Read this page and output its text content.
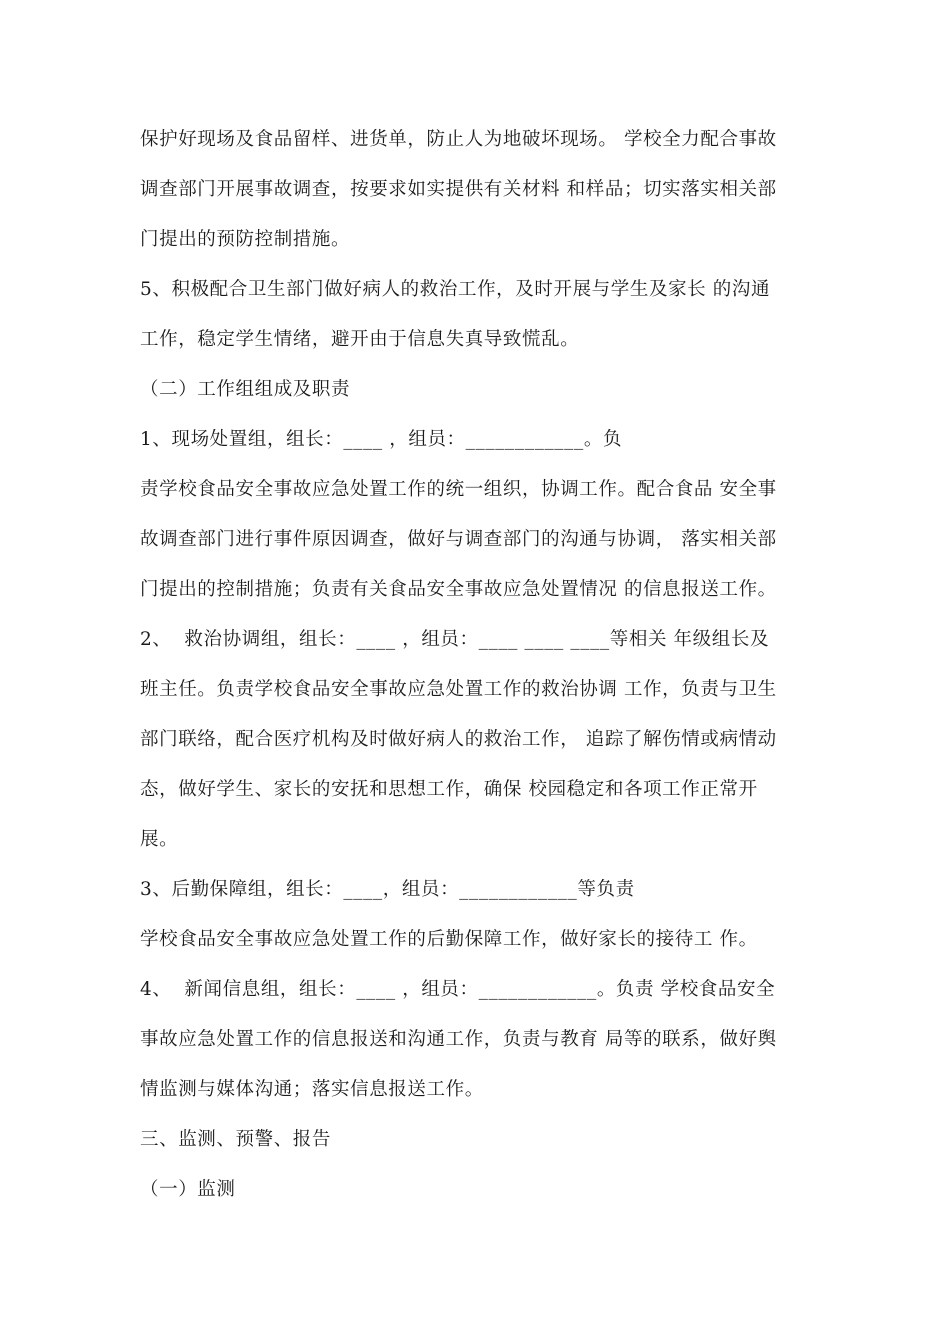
保护好现场及食品留样、进货单，防止人为地破坏现场。 学校全力配合事故
调查部门开展事故调查，按要求如实提供有关材料 和样品；切实落实相关部
门提出的预防控制措施。
5、积极配合卫生部门做好病人的救治工作，及时开展与学生及家长 的沟通
工作，稳定学生情绪，避开由于信息失真导致慌乱。
（二）工作组组成及职责
1、现场处置组，组长：____ ，组员：____________。负
责学校食品安全事故应急处置工作的统一组织，协调工作。配合食品 安全事
故调查部门进行事件原因调查，做好与调查部门的沟通与协调， 落实相关部
门提出的控制措施；负责有关食品安全事故应急处置情况 的信息报送工作。
2、  救治协调组，组长：____ ，组员：____ ____ ____等相关 年级组长及
班主任。负责学校食品安全事故应急处置工作的救治协调 工作，负责与卫生
部门联络，配合医疗机构及时做好病人的救治工作， 追踪了解伤情或病情动
态，做好学生、家长的安抚和思想工作，确保 校园稳定和各项工作正常开
展。
3、后勤保障组，组长：____，组员：____________等负责
学校食品安全事故应急处置工作的后勤保障工作，做好家长的接待工 作。
4、  新闻信息组，组长：____ ，组员：____________。负责 学校食品安全
事故应急处置工作的信息报送和沟通工作，负责与教育 局等的联系，做好舆
情监测与媒体沟通；落实信息报送工作。
三、监测、预警、报告
（一）监测
